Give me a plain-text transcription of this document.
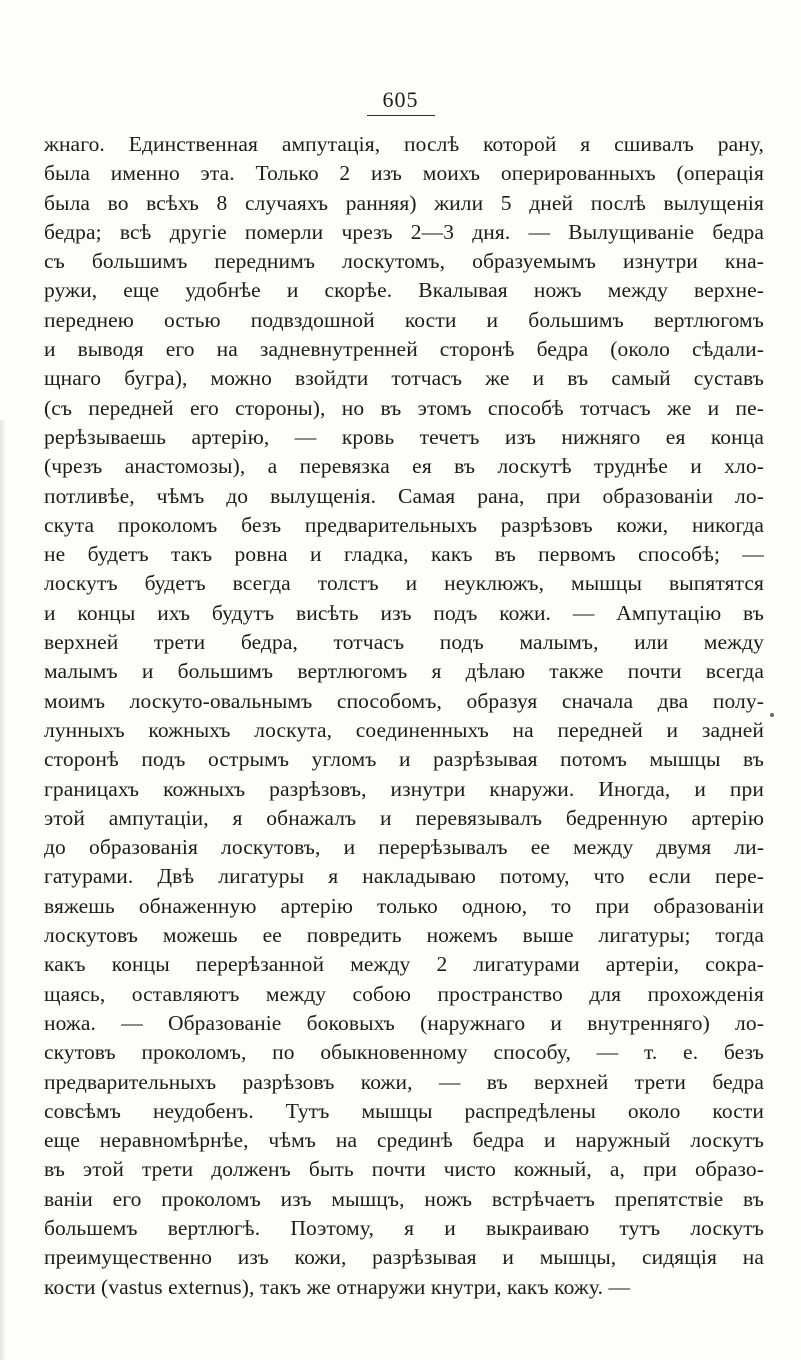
605
жнаго. Единственная ампутація, послѣ которой я сшивалъ рану,
была именно эта. Только 2 изъ моихъ оперированныхъ (операція
была во всѣхъ 8 случаяхъ ранняя) жили 5 дней послѣ вылущенія
бедра; всѣ другіе померли чрезъ 2—3 дня. — Вылущиваніе бедра
съ большимъ переднимъ лоскутомъ, образуемымъ изнутри кна-
ружи, еще удобнѣе и скорѣе. Вкалывая ножъ между верхне-
переднею остью подвздошной кости и большимъ вертлюгомъ
и выводя его на задневнутренней сторонѣ бедра (около сѣдали-
щнаго бугра), можно взойдти тотчасъ же и въ самый суставъ
(съ передней его стороны), но въ этомъ способѣ тотчасъ же и пе-
рерѣзываешь артерію, — кровь течетъ изъ нижняго ея конца
(чрезъ анастомозы), а перевязка ея въ лоскутѣ труднѣе и хло-
потливѣе, чѣмъ до вылущенія. Самая рана, при образованіи ло-
скута проколомъ безъ предварительныхъ разрѣзовъ кожи, никогда
не будетъ такъ ровна и гладка, какъ въ первомъ способѣ; —
лоскутъ будетъ всегда толстъ и неуклюжъ, мышцы выпятятся
и концы ихъ будутъ висѣть изъ подъ кожи. — Ампутацію въ
верхней трети бедра, тотчасъ подъ малымъ, или между
малымъ и большимъ вертлюгомъ я дѣлаю также почти всегда
моимъ лоскуто-овальнымъ способомъ, образуя сначала два полу-
лунныхъ кожныхъ лоскута, соединенныхъ на передней и задней
сторонѣ подъ острымъ угломъ и разрѣзывая потомъ мышцы въ
границахъ кожныхъ разрѣзовъ, изнутри кнаружи. Иногда, и при
этой ампутаціи, я обнажалъ и перевязывалъ бедренную артерію
до образованія лоскутовъ, и перерѣзывалъ ее между двумя ли-
гатурами. Двѣ лигатуры я накладываю потому, что если пере-
вяжешь обнаженную артерію только одною, то при образованіи
лоскутовъ можешь ее повредить ножемъ выше лигатуры; тогда
какъ концы перерѣзанной между 2 лигатурами артеріи, сокра-
щаясь, оставляютъ между собою пространство для прохожденія
ножа. — Образованіе боковыхъ (наружнаго и внутренняго) ло-
скутовъ проколомъ, по обыкновенному способу, — т. е. безъ
предварительныхъ разрѣзовъ кожи, — въ верхней трети бедра
совсѣмъ неудобенъ. Тутъ мышцы распредѣлены около кости
еще неравномѣрнѣе, чѣмъ на срединѣ бедра и наружный лоскутъ
въ этой трети долженъ быть почти чисто кожный, а, при образо-
ваніи его проколомъ изъ мышцъ, ножъ встрѣчаетъ препятствіе въ
большемъ вертлюгѣ. Поэтому, я и выкраиваю тутъ лоскутъ
преимущественно изъ кожи, разрѣзывая и мышцы, сидящія на
кости (vastus externus), такъ же отнаружи кнутри, какъ кожу. —
